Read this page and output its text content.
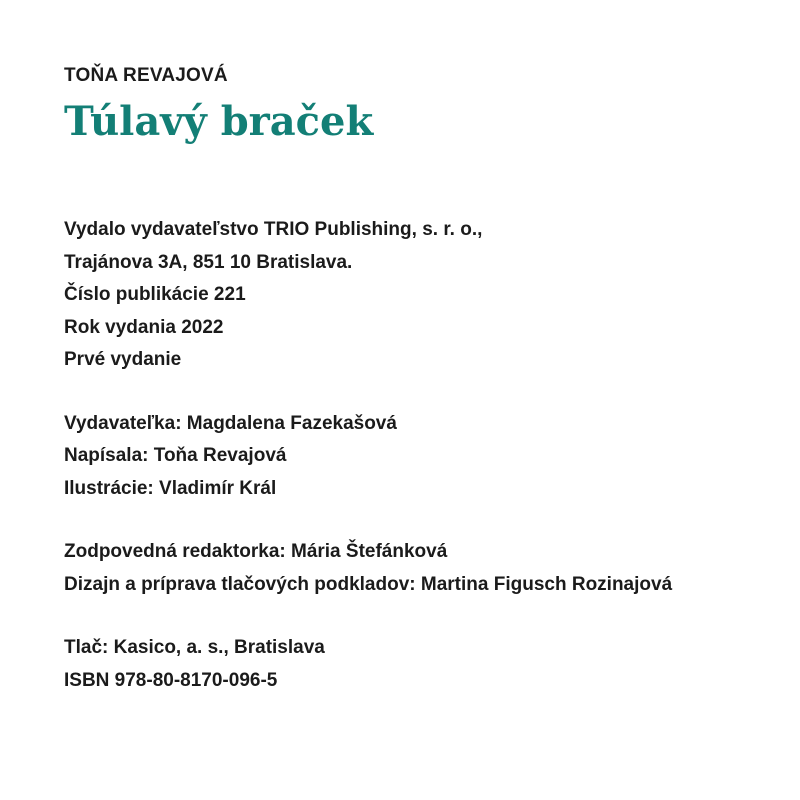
TOŇA REVAJOVÁ
Túlavý braček
Vydalo vydavateľstvo TRIO Publishing, s. r. o.,
Trajánova 3A, 851 10 Bratislava.
Číslo publikácie 221
Rok vydania 2022
Prvé vydanie
Vydavateľka: Magdalena Fazekašová
Napísala: Toňa Revajová
Ilustrácie: Vladimír Král
Zodpovedná redaktorka: Mária Štefánková
Dizajn a príprava tlačových podkladov: Martina Figusch Rozinajová
Tlač: Kasico, a. s., Bratislava
ISBN 978-80-8170-096-5
